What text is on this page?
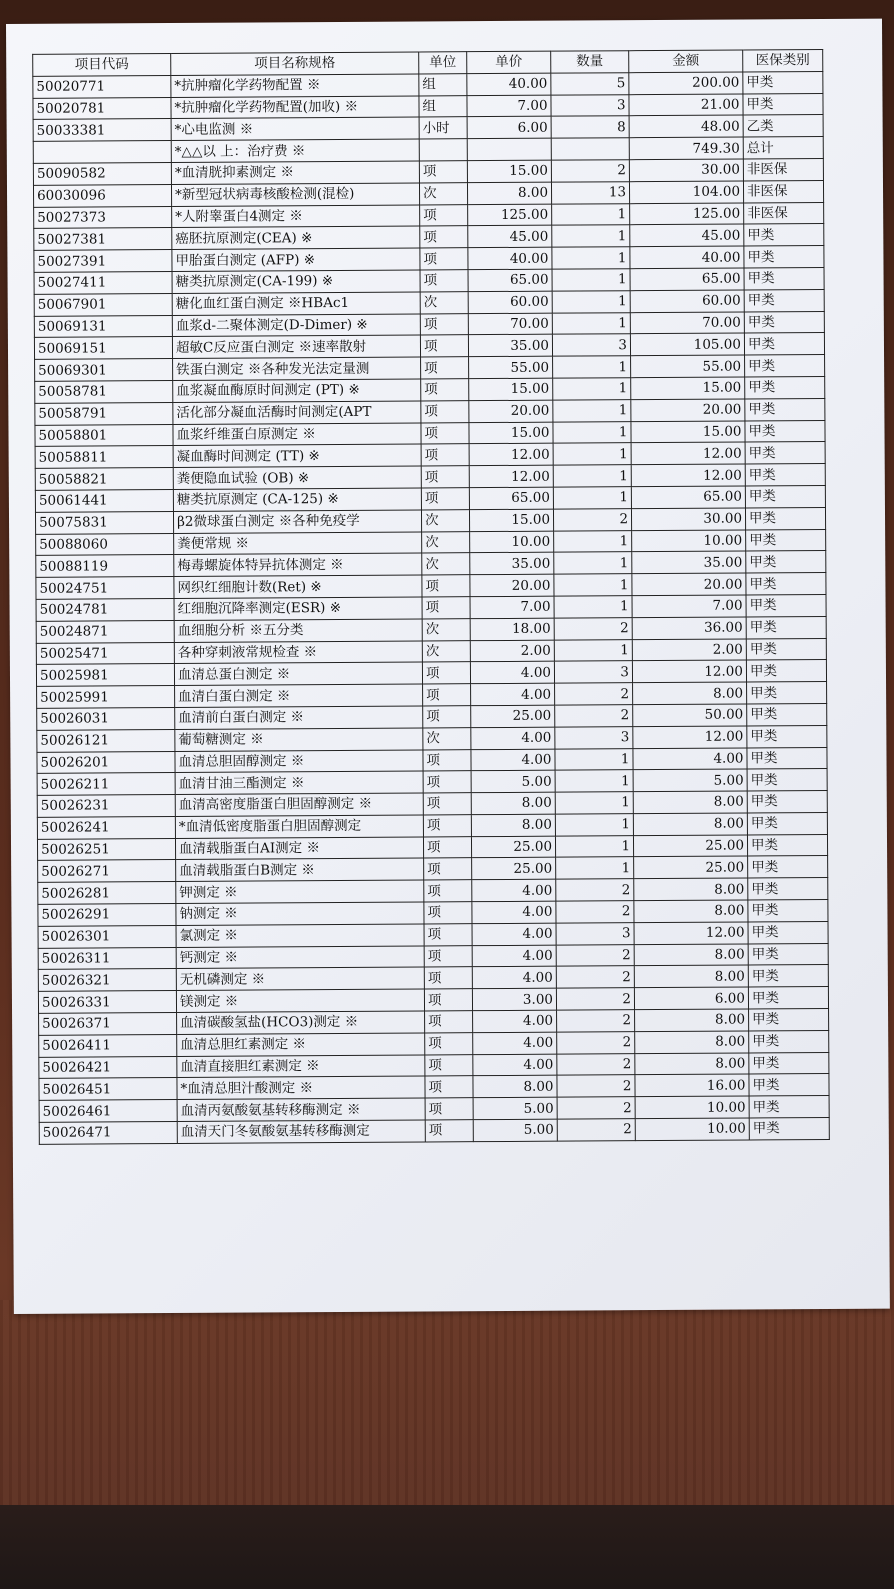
项目代码	项目名称规格	单位	单价	数量	金额	医保类别
50020771	*抗肿瘤化学药物配置 ※	组	40.00	5	200.00	甲类
50020781	*抗肿瘤化学药物配置(加收) ※	组	7.00	3	21.00	甲类
50033381	*心电监测 ※	小时	6.00	8	48.00	乙类
	*△△以 上：治疗费 ※				749.30	总计
50090582	*血清胱抑素测定 ※	项	15.00	2	30.00	非医保
60030096	*新型冠状病毒核酸检测(混检)	次	8.00	13	104.00	非医保
50027373	*人附睾蛋白4测定 ※	项	125.00	1	125.00	非医保
50027381	癌胚抗原测定(CEA) ※	项	45.00	1	45.00	甲类
50027391	甲胎蛋白测定 (AFP) ※	项	40.00	1	40.00	甲类
50027411	糖类抗原测定(CA-199) ※	项	65.00	1	65.00	甲类
50067901	糖化血红蛋白测定 ※HBAc1	次	60.00	1	60.00	甲类
50069131	血浆d-二聚体测定(D-Dimer) ※	项	70.00	1	70.00	甲类
50069151	超敏C反应蛋白测定 ※速率散射	项	35.00	3	105.00	甲类
50069301	铁蛋白测定 ※各种发光法定量测	项	55.00	1	55.00	甲类
50058781	血浆凝血酶原时间测定 (PT) ※	项	15.00	1	15.00	甲类
50058791	活化部分凝血活酶时间测定(APT	项	20.00	1	20.00	甲类
50058801	血浆纤维蛋白原测定 ※	项	15.00	1	15.00	甲类
50058811	凝血酶时间测定 (TT) ※	项	12.00	1	12.00	甲类
50058821	粪便隐血试验 (OB) ※	项	12.00	1	12.00	甲类
50061441	糖类抗原测定 (CA-125) ※	项	65.00	1	65.00	甲类
50075831	β2微球蛋白测定 ※各种免疫学	次	15.00	2	30.00	甲类
50088060	粪便常规 ※	次	10.00	1	10.00	甲类
50088119	梅毒螺旋体特异抗体测定 ※	次	35.00	1	35.00	甲类
50024751	网织红细胞计数(Ret) ※	项	20.00	1	20.00	甲类
50024781	红细胞沉降率测定(ESR) ※	项	7.00	1	7.00	甲类
50024871	血细胞分析 ※五分类	次	18.00	2	36.00	甲类
50025471	各种穿刺液常规检查 ※	次	2.00	1	2.00	甲类
50025981	血清总蛋白测定 ※	项	4.00	3	12.00	甲类
50025991	血清白蛋白测定 ※	项	4.00	2	8.00	甲类
50026031	血清前白蛋白测定 ※	项	25.00	2	50.00	甲类
50026121	葡萄糖测定 ※	次	4.00	3	12.00	甲类
50026201	血清总胆固醇测定 ※	项	4.00	1	4.00	甲类
50026211	血清甘油三酯测定 ※	项	5.00	1	5.00	甲类
50026231	血清高密度脂蛋白胆固醇测定 ※	项	8.00	1	8.00	甲类
50026241	*血清低密度脂蛋白胆固醇测定	项	8.00	1	8.00	甲类
50026251	血清载脂蛋白AⅠ测定 ※	项	25.00	1	25.00	甲类
50026271	血清载脂蛋白B测定 ※	项	25.00	1	25.00	甲类
50026281	钾测定 ※	项	4.00	2	8.00	甲类
50026291	钠测定 ※	项	4.00	2	8.00	甲类
50026301	氯测定 ※	项	4.00	3	12.00	甲类
50026311	钙测定 ※	项	4.00	2	8.00	甲类
50026321	无机磷测定 ※	项	4.00	2	8.00	甲类
50026331	镁测定 ※	项	3.00	2	6.00	甲类
50026371	血清碳酸氢盐(HCO3)测定 ※	项	4.00	2	8.00	甲类
50026411	血清总胆红素测定 ※	项	4.00	2	8.00	甲类
50026421	血清直接胆红素测定 ※	项	4.00	2	8.00	甲类
50026451	*血清总胆汁酸测定 ※	项	8.00	2	16.00	甲类
50026461	血清丙氨酸氨基转移酶测定 ※	项	5.00	2	10.00	甲类
50026471	血清天门冬氨酸氨基转移酶测定	项	5.00	2	10.00	甲类
